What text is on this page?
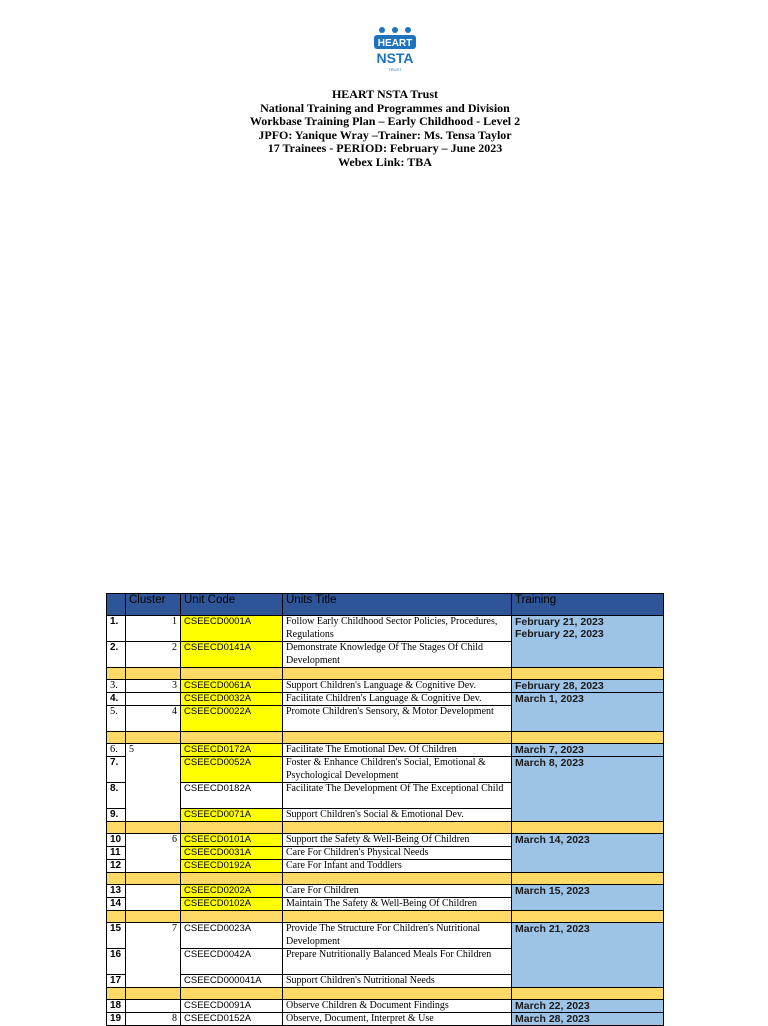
HEART
NSTA
TRUST
HEART NSTA Trust
National Training and Programmes and Division
Workbase Training Plan – Early Childhood - Level 2
JPFO: Yanique Wray –Trainer: Ms. Tensa Taylor
17 Trainees - PERIOD: February – June 2023
Webex Link: TBA
	Cluster	Unit Code	Units Title	Training
1.	1	CSEECD0001A	Follow Early Childhood Sector Policies, Procedures, Regulations	February 21, 2023
February 22, 2023

2.	2	CSEECD0141A	Demonstrate Knowledge Of The Stages Of Child Development	

3.	3	CSEECD0061A	Support Children's Language & Cognitive Dev.	February 28, 2023
4.		CSEECD0032A	Facilitate Children's Language & Cognitive Dev.	March 1, 2023
5.	4	CSEECD0022A	Promote Children's Sensory, & Motor Development	

6.	5	CSEECD0172A	Facilitate The Emotional Dev. Of Children	March 7, 2023
7.		CSEECD0052A	Foster & Enhance Children's Social, Emotional & Psychological Development	March 8, 2023
8.		CSEECD0182A	Facilitate The Development Of The Exceptional Child	
9.		CSEECD0071A	Support Children's Social & Emotional Dev.	

10	6	CSEECD0101A	Support the Safety & Well-Being Of Children	March 14, 2023
11		CSEECD0031A	Care For Children's Physical Needs	
12		CSEECD0192A	Care For Infant and Toddlers	

13		CSEECD0202A	Care For Children	March 15, 2023
14		CSEECD0102A	Maintain The Safety & Well-Being Of Children	

15	7	CSEECD0023A	Provide The Structure For Children's Nutritional Development	March 21, 2023
16		CSEECD0042A	Prepare Nutritionally Balanced Meals For Children	
17		CSEECD000041A	Support Children's Nutritional Needs	

18		CSEECD0091A	Observe Children & Document Findings	March 22, 2023
19	8	CSEECD0152A	Observe, Document, Interpret & Use	March 28, 2023
